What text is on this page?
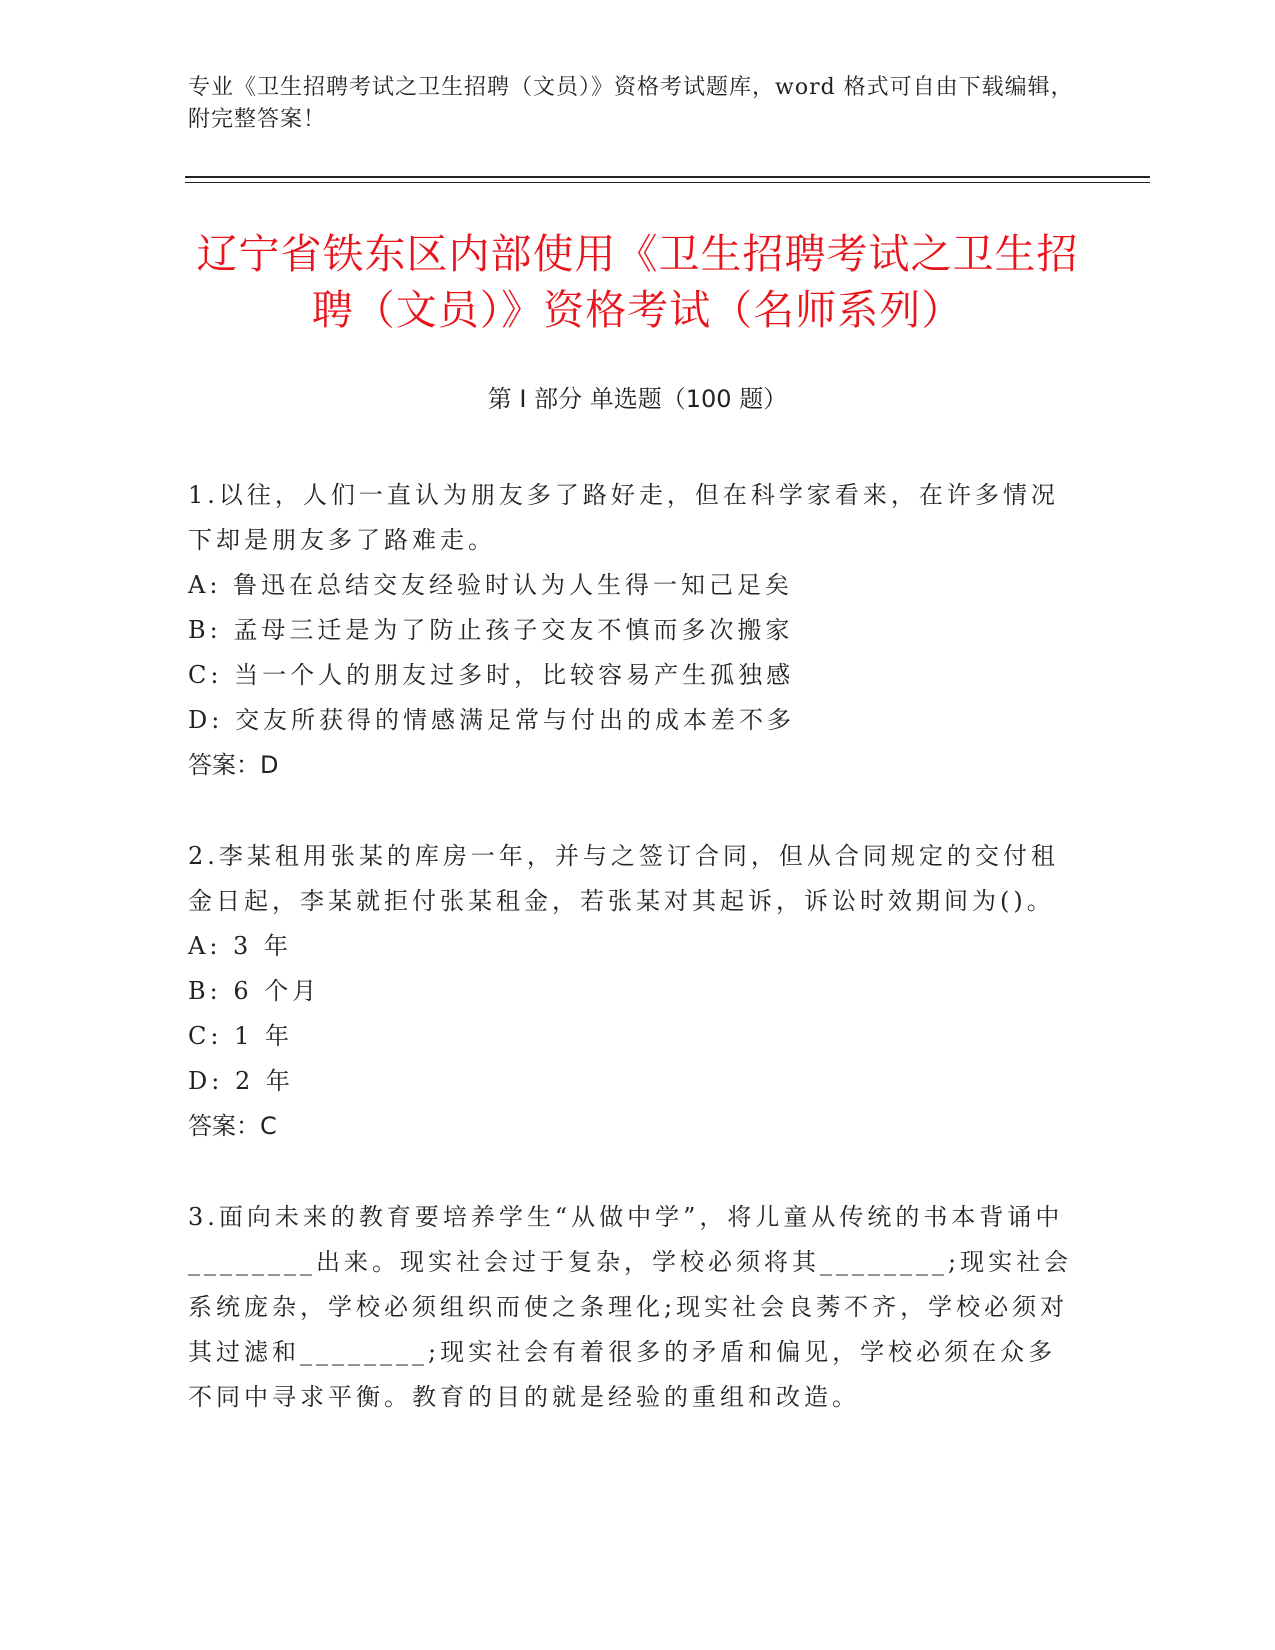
专业《卫生招聘考试之卫生招聘（文员）》资格考试题库，word 格式可自由下载编辑，附完整答案！
辽宁省铁东区内部使用《卫生招聘考试之卫生招聘（文员）》资格考试（名师系列）
第 I 部分 单选题（100 题）

1.以往，人们一直认为朋友多了路好走，但在科学家看来，在许多情况下却是朋友多了路难走。

A: 鲁迅在总结交友经验时认为人生得一知己足矣

B: 孟母三迁是为了防止孩子交友不慎而多次搬家

C: 当一个人的朋友过多时，比较容易产生孤独感

D: 交友所获得的情感满足常与付出的成本差不多

答案：D

2.李某租用张某的库房一年，并与之签订合同，但从合同规定的交付租金日起，李某就拒付张某租金，若张某对其起诉，诉讼时效期间为()。

A: 3 年

B: 6 个月

C: 1 年

D: 2 年

答案：C

3.面向未来的教育要培养学生“从做中学”，将儿童从传统的书本背诵中________出来。现实社会过于复杂，学校必须将其________;现实社会系统庞杂，学校必须组织而使之条理化;现实社会良莠不齐，学校必须对其过滤和________;现实社会有着很多的矛盾和偏见，学校必须在众多不同中寻求平衡。教育的目的就是经验的重组和改造。
